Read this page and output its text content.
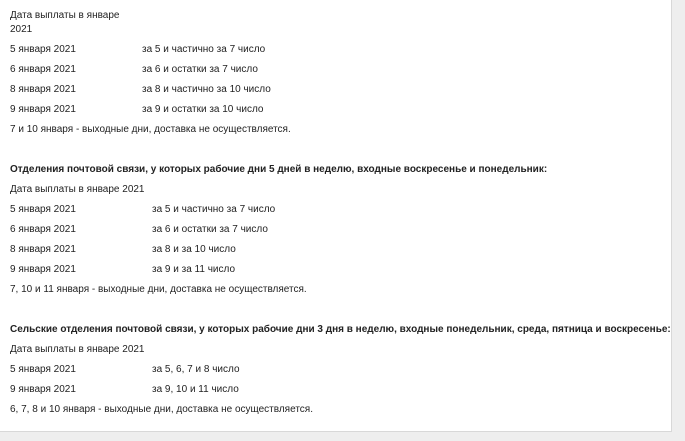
Дата выплаты в январе
2021
5 января 2021	за 5 и частично за 7 число
6 января 2021	за 6 и остатки за 7 число
8 января 2021	за 8 и частично за 10 число
9 января 2021	за 9 и остатки за 10 число
7 и 10 января - выходные дни, доставка не осуществляется.
Отделения почтовой связи, у которых рабочие дни 5 дней в неделю, входные воскресенье и понедельник:
Дата выплаты в январе 2021
5 января 2021	за 5 и частично за 7 число
6 января 2021	за 6 и остатки за 7 число
8 января 2021	за 8 и за 10 число
9 января 2021	за 9 и за 11 число
7, 10 и 11 января - выходные дни, доставка не осуществляется.
Сельские отделения почтовой связи, у которых рабочие дни 3 дня в неделю, входные понедельник, среда, пятница и воскресенье:
Дата выплаты в январе 2021
5 января 2021	за 5, 6, 7 и 8 число
9 января 2021	за 9, 10 и 11 число
6, 7, 8 и 10 января - выходные дни, доставка не осуществляется.
